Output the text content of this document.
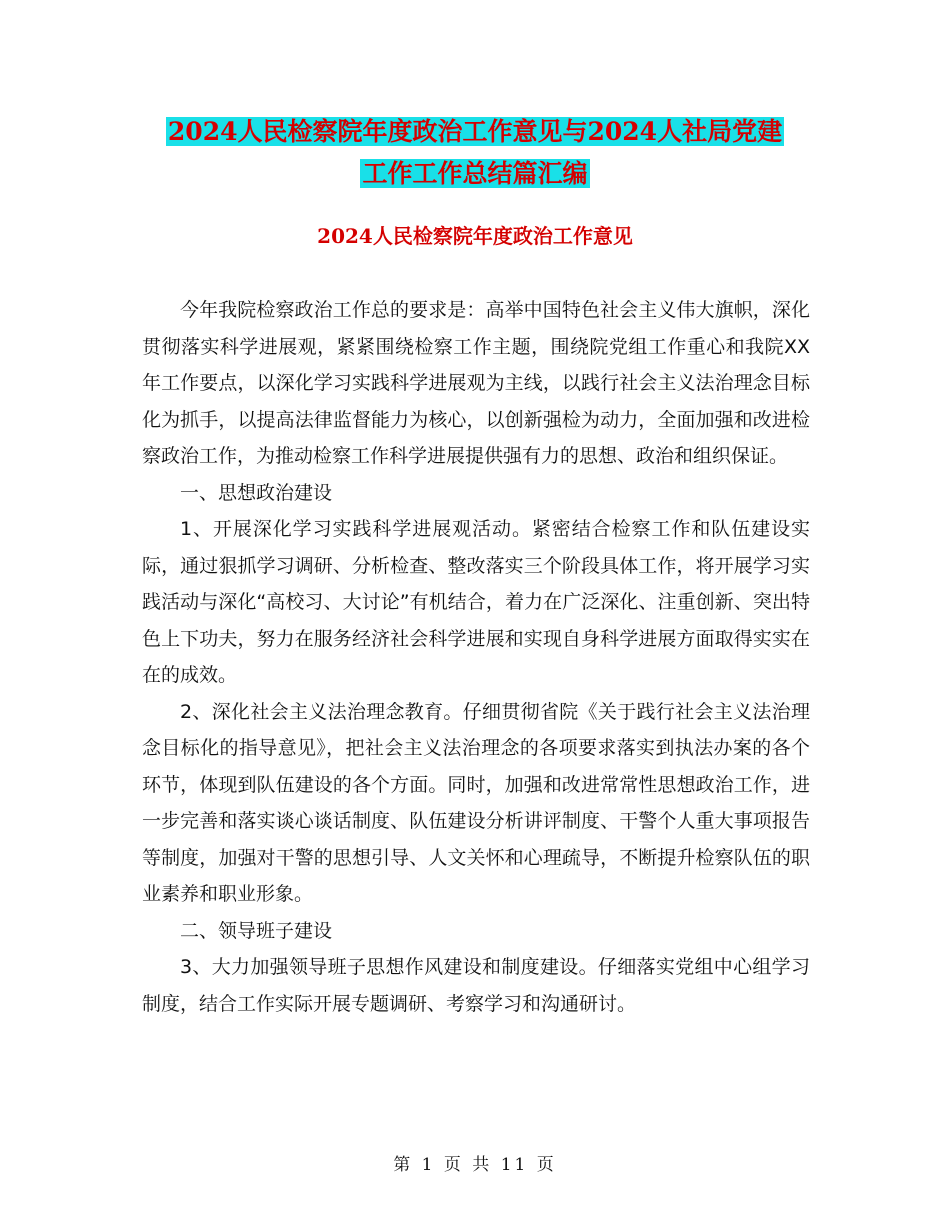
2024人民检察院年度政治工作意见与2024人社局党建
工作工作总结篇汇编
2024人民检察院年度政治工作意见

今年我院检察政治工作总的要求是：高举中国特色社会主义伟大旗帜，深化贯彻落实科学进展观，紧紧围绕检察工作主题，围绕院党组工作重心和我院XX年工作要点，以深化学习实践科学进展观为主线，以践行社会主义法治理念目标化为抓手，以提高法律监督能力为核心，以创新强检为动力，全面加强和改进检察政治工作，为推动检察工作科学进展提供强有力的思想、政治和组织保证。

一、思想政治建设

1、开展深化学习实践科学进展观活动。紧密结合检察工作和队伍建设实际，通过狠抓学习调研、分析检查、整改落实三个阶段具体工作，将开展学习实践活动与深化“高校习、大讨论”有机结合，着力在广泛深化、注重创新、突出特色上下功夫，努力在服务经济社会科学进展和实现自身科学进展方面取得实实在在的成效。

2、深化社会主义法治理念教育。仔细贯彻省院《关于践行社会主义法治理念目标化的指导意见》，把社会主义法治理念的各项要求落实到执法办案的各个环节，体现到队伍建设的各个方面。同时，加强和改进常常性思想政治工作，进一步完善和落实谈心谈话制度、队伍建设分析讲评制度、干警个人重大事项报告等制度，加强对干警的思想引导、人文关怀和心理疏导，不断提升检察队伍的职业素养和职业形象。

二、领导班子建设

3、大力加强领导班子思想作风建设和制度建设。仔细落实党组中心组学习制度，结合工作实际开展专题调研、考察学习和沟通研讨。

第 1 页 共 11 页
